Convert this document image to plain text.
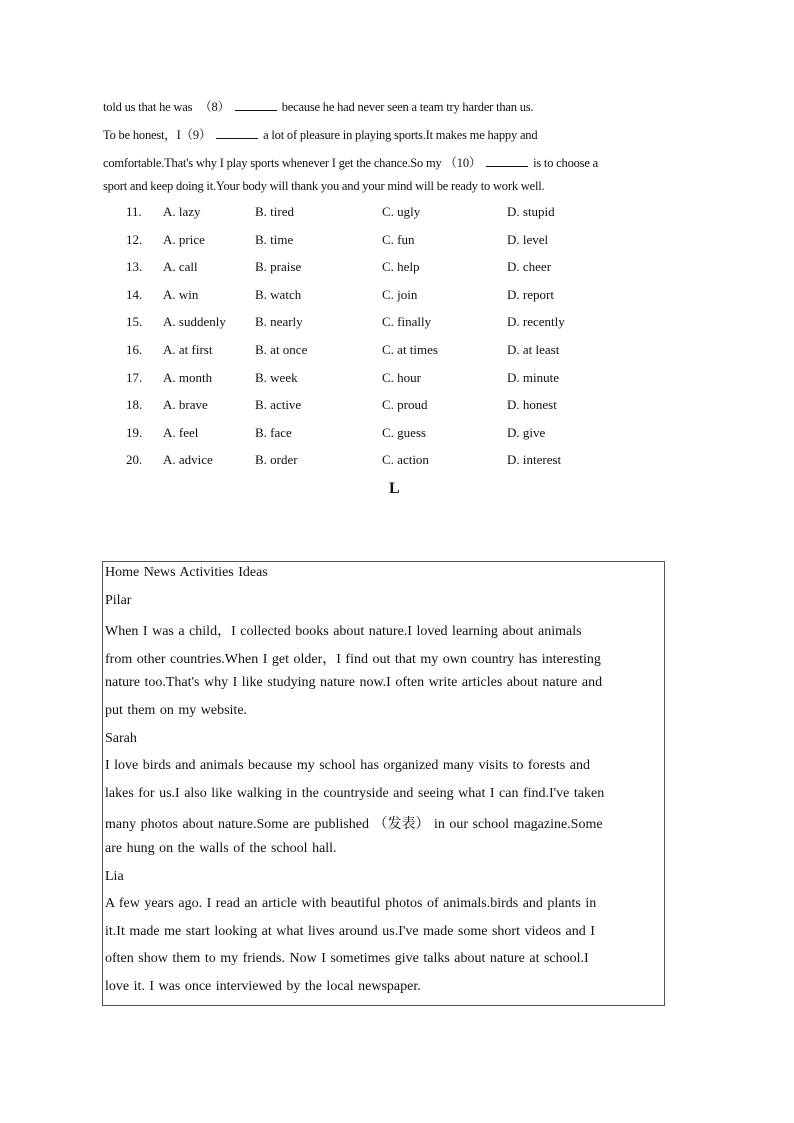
told us that he was （8）	because he had never seen a team try harder than us.
To be honest，I（9）	a lot of pleasure in playing sports.It makes me happy and
comfortable.That's why I play sports whenever I get the chance.So my （10）	is to choose a
sport and keep doing it.Your body will thank you and your mind will be ready to work well.
11. A. lazy	B. tired	C. ugly	D. stupid
12. A. price	B. time	C. fun	D. level
13. A. call	B. praise	C. help	D. cheer
14. A. win	B. watch	C. join	D. report
15. A. suddenly B. nearly	C. finally	D. recently
16. A. at first	B. at once	C. at times	D. at least
17. A. month	B. week	C. hour	D. minute
18. A. brave	B. active	C. proud	D. honest
19. A. feel	B. face	C. guess	D. give
20. A. advice	B. order	C. action	D. interest
L
Home News Activities Ideas
Pilar
When I was a child，I collected books about nature.I loved learning about animals
from other countries.When I get older，I find out that my own country has interesting
nature too.That's why I like studying nature now.I often write articles about nature and
put them on my website.
Sarah
I love birds and animals because my school has organized many visits to forests and
lakes for us.I also like walking in the countryside and seeing what I can find.I've taken
many photos about nature.Some are published （发表） in our school magazine.Some
are hung on the walls of the school hall.
Lia
A few years ago. I read an article with beautiful photos of animals.birds and plants in
it.It made me start looking at what lives around us.I've made some short videos and I
often show them to my friends. Now I sometimes give talks about nature at school.I
love it. I was once interviewed by the local newspaper.
